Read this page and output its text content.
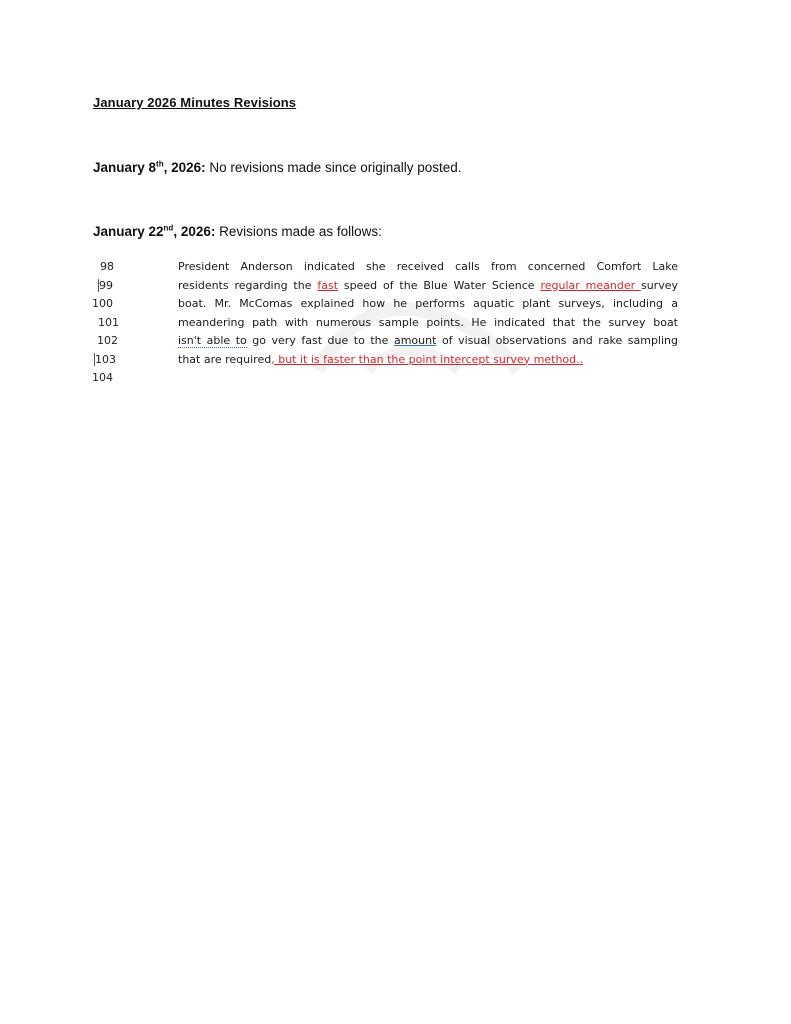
January 2026 Minutes Revisions
January 8th, 2026: No revisions made since originally posted.
January 22nd, 2026: Revisions made as follows:
98
99
100
101
102
103
104
President Anderson indicated she received calls from concerned Comfort Lake
residents regarding the fast speed of the Blue Water Science regular meander survey
boat. Mr. McComas explained how he performs aquatic plant surveys, including a
meandering path with numerous sample points. He indicated that the survey boat
isn't able to go very fast due to the amount of visual observations and rake sampling
that are required, but it is faster than the point intercept survey method..
